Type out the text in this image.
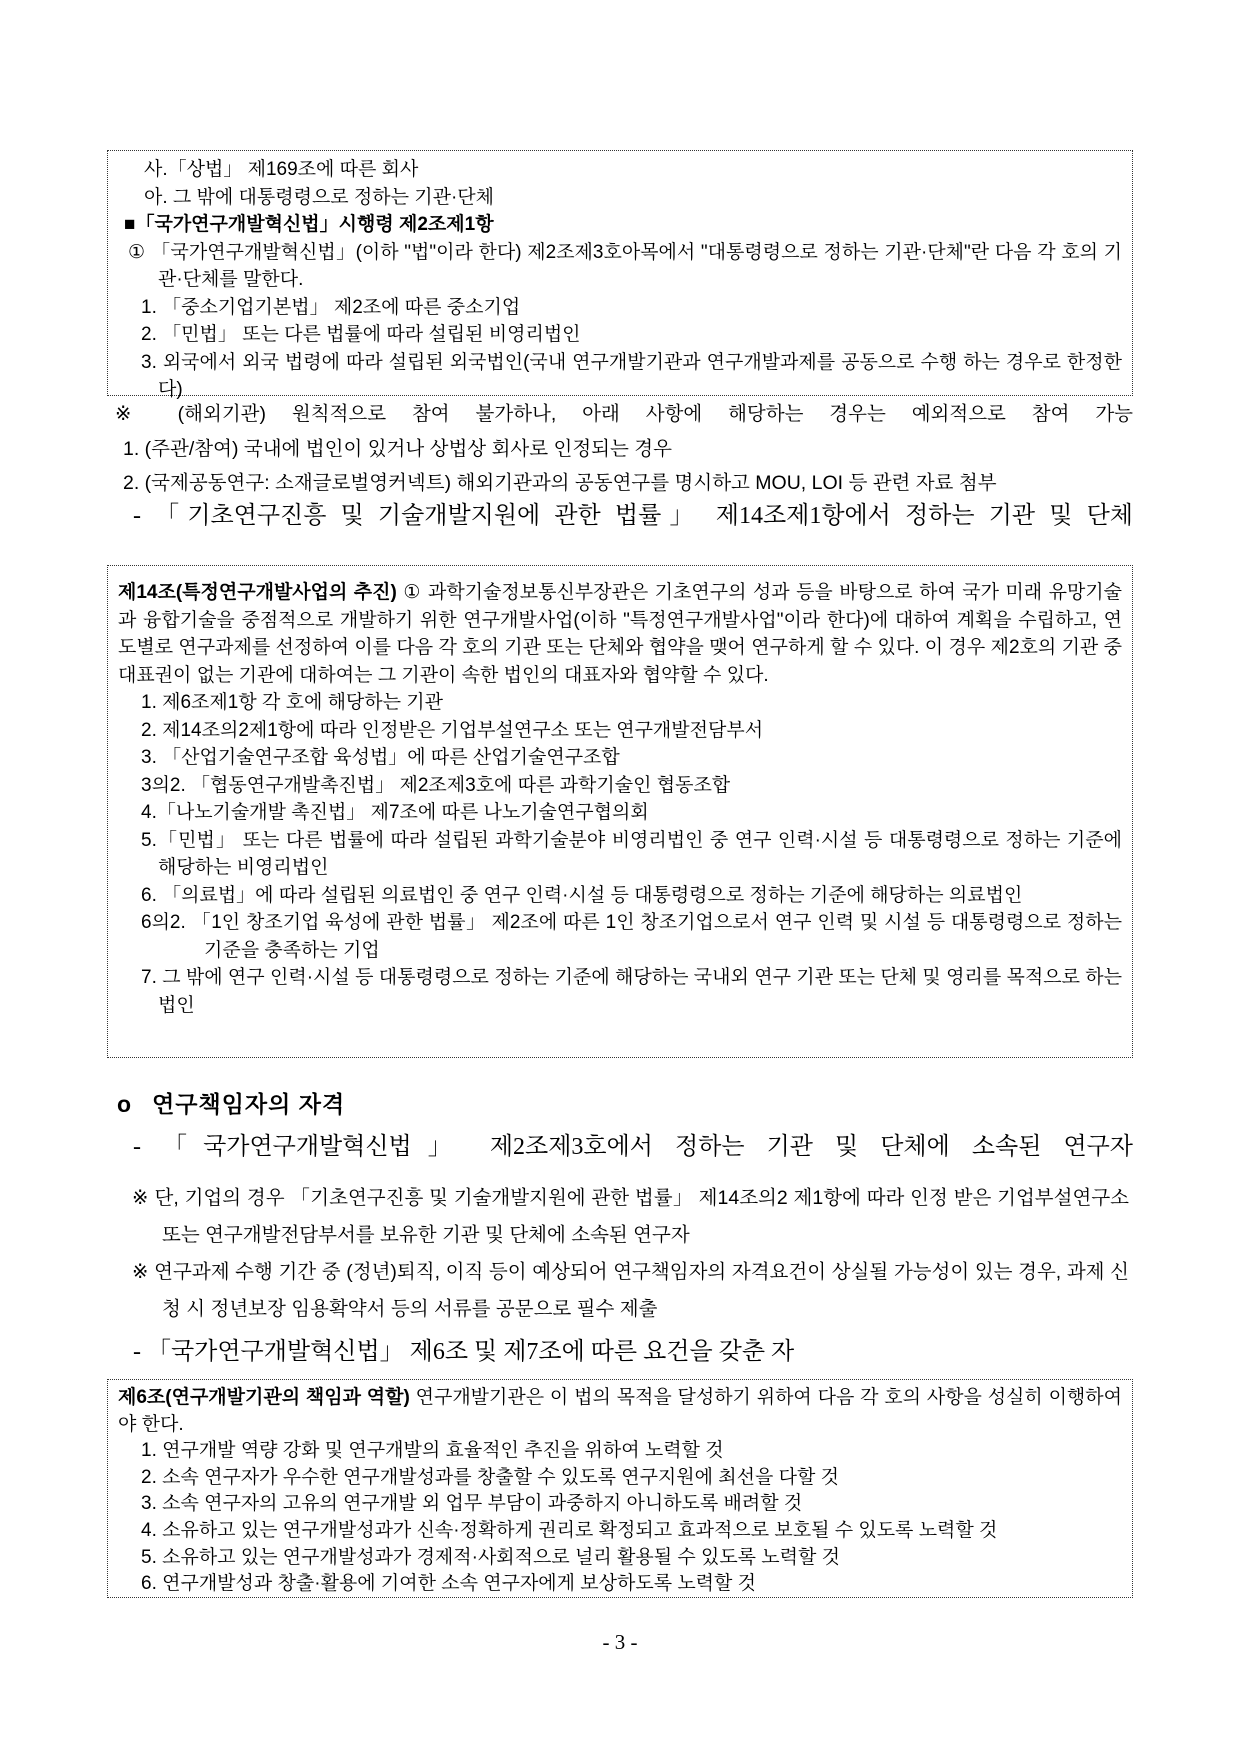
사.「상법」 제169조에 따른 회사
아. 그 밖에 대통령령으로 정하는 기관·단체
■「국가연구개발혁신법」시행령 제2조제1항
① 「국가연구개발혁신법」(이하 "법"이라 한다) 제2조제3호아목에서 "대통령령으로 정하는 기관·단체"란 다음 각 호의 기관·단체를 말한다.
1. 「중소기업기본법」 제2조에 따른 중소기업
2. 「민법」 또는 다른 법률에 따라 설립된 비영리법인
3. 외국에서 외국 법령에 따라 설립된 외국법인(국내 연구개발기관과 연구개발과제를 공동으로 수행 하는 경우로 한정한다)
※ (해외기관) 원칙적으로 참여 불가하나, 아래 사항에 해당하는 경우는 예외적으로 참여 가능
1. (주관/참여) 국내에 법인이 있거나 상법상 회사로 인정되는 경우
2. (국제공동연구: 소재글로벌영커넥트) 해외기관과의 공동연구를 명시하고 MOU, LOI 등 관련 자료 첨부
- 「기초연구진흥 및 기술개발지원에 관한 법률」 제14조제1항에서 정하는 기관 및 단체

제14조(특정연구개발사업의 추진) ① 과학기술정보통신부장관은 기초연구의 성과 등을 바탕으로 하여 국가 미래 유망기술과 융합기술을 중점적으로 개발하기 위한 연구개발사업(이하 "특정연구개발사업"이라 한다)에 대하여 계획을 수립하고, 연도별로 연구과제를 선정하여 이를 다음 각 호의 기관 또는 단체와 협약을 맺어 연구하게 할 수 있다. 이 경우 제2호의 기관 중 대표권이 없는 기관에 대하여는 그 기관이 속한 법인의 대표자와 협약할 수 있다.

1. 제6조제1항 각 호에 해당하는 기관
2. 제14조의2제1항에 따라 인정받은 기업부설연구소 또는 연구개발전담부서
3. 「산업기술연구조합 육성법」에 따른 산업기술연구조합
3의2. 「협동연구개발촉진법」 제2조제3호에 따른 과학기술인 협동조합
4.「나노기술개발 촉진법」 제7조에 따른 나노기술연구협의회
5.「민법」 또는 다른 법률에 따라 설립된 과학기술분야 비영리법인 중 연구 인력·시설 등 대통령령으로 정하는 기준에 해당하는 비영리법인
6. 「의료법」에 따라 설립된 의료법인 중 연구 인력·시설 등 대통령령으로 정하는 기준에 해당하는 의료법인
6의2. 「1인 창조기업 육성에 관한 법률」 제2조에 따른 1인 창조기업으로서 연구 인력 및 시설 등 대통령령으로 정하는 기준을 충족하는 기업
7. 그 밖에 연구 인력·시설 등 대통령령으로 정하는 기준에 해당하는 국내외 연구 기관 또는 단체 및 영리를 목적으로 하는 법인
o 연구책임자의 자격
- 「국가연구개발혁신법」 제2조제3호에서 정하는 기관 및 단체에 소속된 연구자
※ 단, 기업의 경우 「기초연구진흥 및 기술개발지원에 관한 법률」 제14조의2 제1항에 따라 인정 받은 기업부설연구소 또는 연구개발전담부서를 보유한 기관 및 단체에 소속된 연구자
※ 연구과제 수행 기간 중 (정년)퇴직, 이직 등이 예상되어 연구책임자의 자격요건이 상실될 가능성이 있는 경우, 과제 신청 시 정년보장 임용확약서 등의 서류를 공문으로 필수 제출
- 「국가연구개발혁신법」 제6조 및 제7조에 따른 요건을 갖춘 자

제6조(연구개발기관의 책임과 역할) 연구개발기관은 이 법의 목적을 달성하기 위하여 다음 각 호의 사항을 성실히 이행하여야 한다.

1. 연구개발 역량 강화 및 연구개발의 효율적인 추진을 위하여 노력할 것
2. 소속 연구자가 우수한 연구개발성과를 창출할 수 있도록 연구지원에 최선을 다할 것
3. 소속 연구자의 고유의 연구개발 외 업무 부담이 과중하지 아니하도록 배려할 것
4. 소유하고 있는 연구개발성과가 신속·정확하게 권리로 확정되고 효과적으로 보호될 수 있도록 노력할 것
5. 소유하고 있는 연구개발성과가 경제적·사회적으로 널리 활용될 수 있도록 노력할 것
6. 연구개발성과 창출·활용에 기여한 소속 연구자에게 보상하도록 노력할 것
- 3 -
